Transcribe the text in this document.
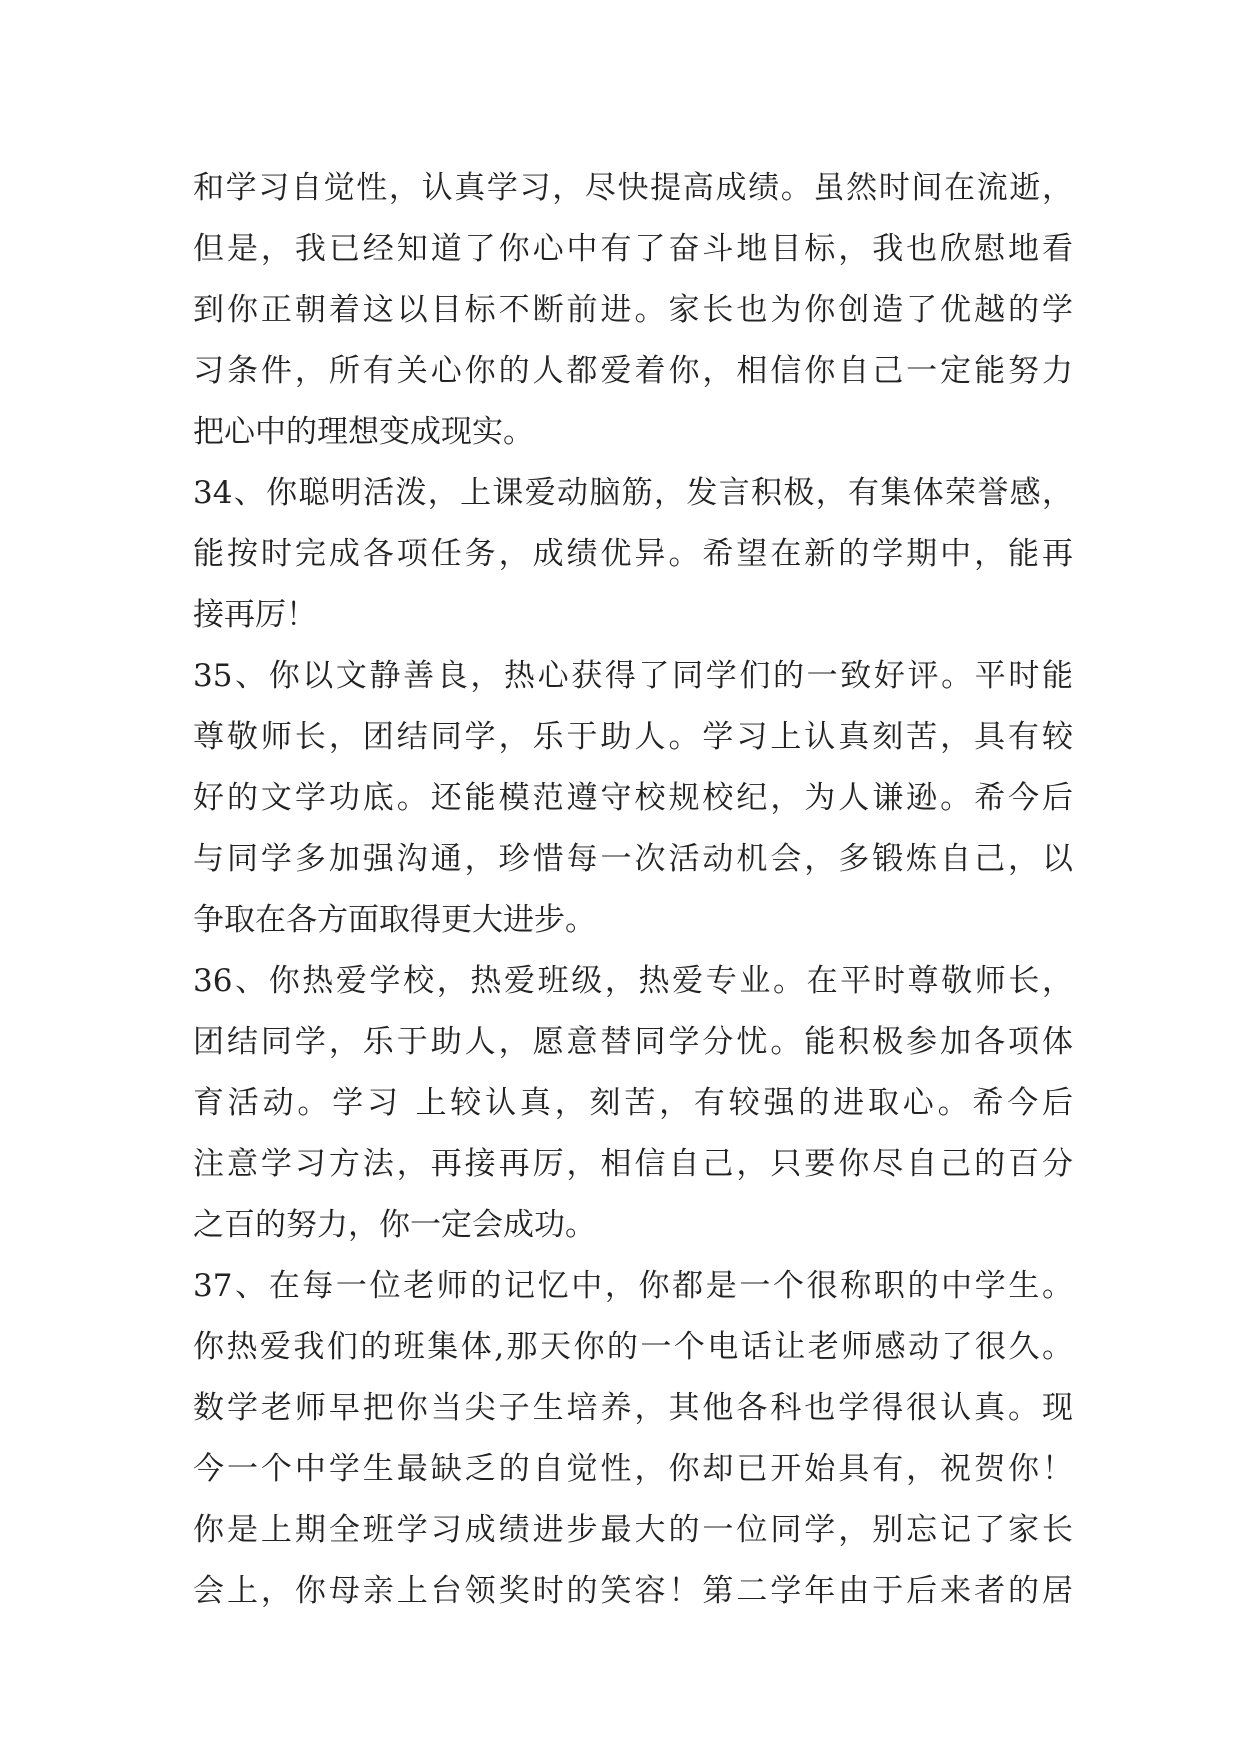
和学习自觉性，认真学习，尽快提高成绩。虽然时间在流逝，
但是，我已经知道了你心中有了奋斗地目标，我也欣慰地看
到你正朝着这以目标不断前进。家长也为你创造了优越的学
习条件，所有关心你的人都爱着你，相信你自己一定能努力
把心中的理想变成现实。
34、你聪明活泼，上课爱动脑筋，发言积极，有集体荣誉感，
能按时完成各项任务，成绩优异。希望在新的学期中，能再
接再厉！
35、你以文静善良，热心获得了同学们的一致好评。平时能
尊敬师长，团结同学，乐于助人。学习上认真刻苦，具有较
好的文学功底。还能模范遵守校规校纪，为人谦逊。希今后
与同学多加强沟通，珍惜每一次活动机会，多锻炼自己，以
争取在各方面取得更大进步。
36、你热爱学校，热爱班级，热爱专业。在平时尊敬师长，
团结同学，乐于助人，愿意替同学分忧。能积极参加各项体
育活动。学习 上较认真，刻苦，有较强的进取心。希今后
注意学习方法，再接再厉，相信自己，只要你尽自己的百分
之百的努力，你一定会成功。
37、在每一位老师的记忆中，你都是一个很称职的中学生。
你热爱我们的班集体,那天你的一个电话让老师感动了很久。
数学老师早把你当尖子生培养，其他各科也学得很认真。现
今一个中学生最缺乏的自觉性，你却已开始具有，祝贺你！
你是上期全班学习成绩进步最大的一位同学，别忘记了家长
会上，你母亲上台领奖时的笑容！第二学年由于后来者的居
